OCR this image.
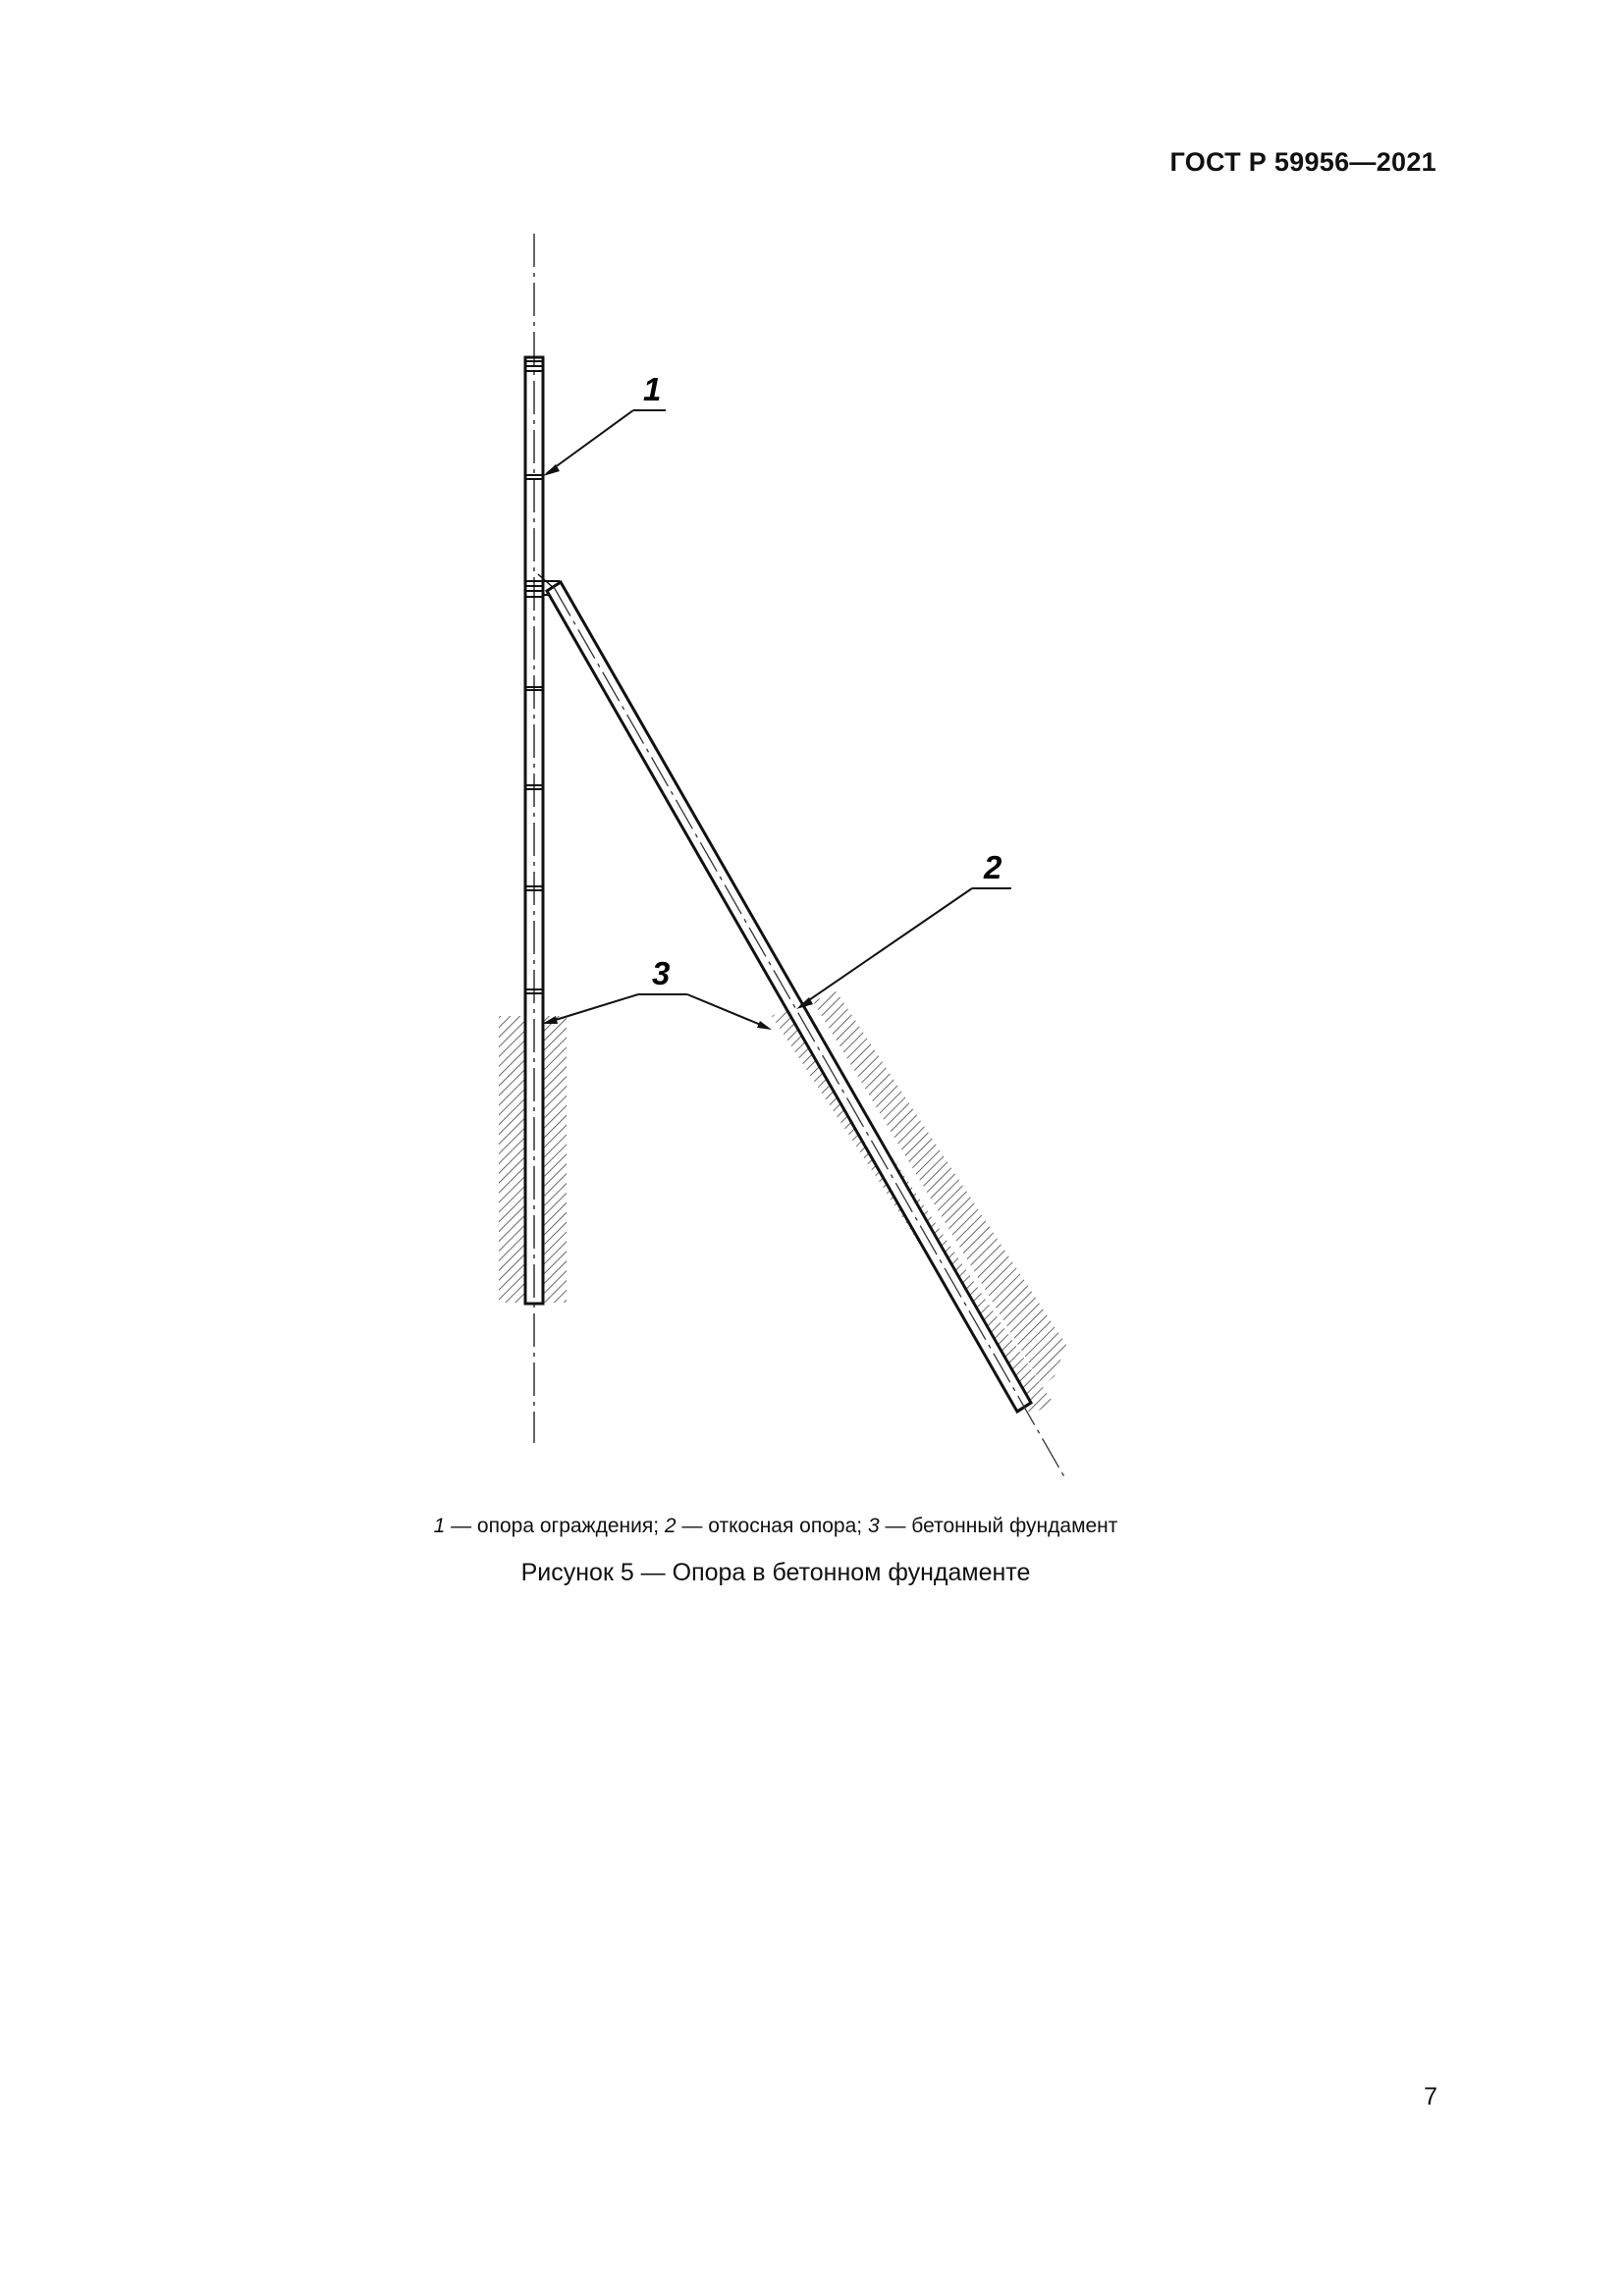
ГОСТ Р 59956—2021
1
2
3
1 — опора ограждения; 2 — откосная опора; 3 — бетонный фундамент
Рисунок 5 — Опора в бетонном фундаменте
7
